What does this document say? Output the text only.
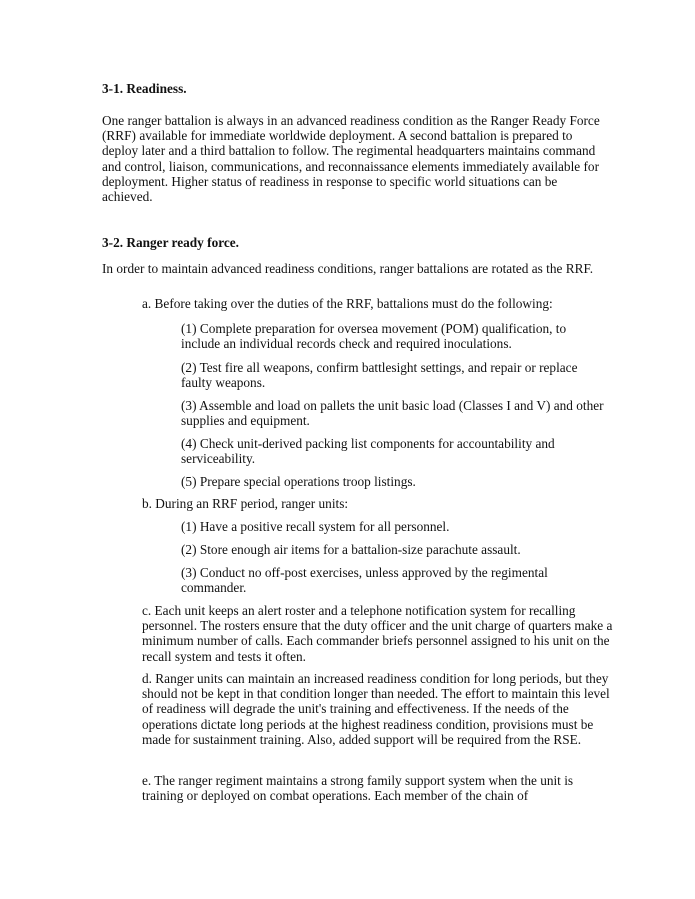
3-1. Readiness.

One ranger battalion is always in an advanced readiness condition as the Ranger Ready Force (RRF) available for immediate worldwide deployment. A second battalion is prepared to deploy later and a third battalion to follow. The regimental headquarters maintains command and control, liaison, communications, and reconnaissance elements immediately available for deployment. Higher status of readiness in response to specific world situations can be achieved.

3-2. Ranger ready force.

In order to maintain advanced readiness conditions, ranger battalions are rotated as the RRF.

a. Before taking over the duties of the RRF, battalions must do the following:

(1) Complete preparation for oversea movement (POM) qualification, to include an individual records check and required inoculations.

(2) Test fire all weapons, confirm battlesight settings, and repair or replace faulty weapons.

(3) Assemble and load on pallets the unit basic load (Classes I and V) and other supplies and equipment.

(4) Check unit-derived packing list components for accountability and serviceability.

(5) Prepare special operations troop listings.

b. During an RRF period, ranger units:

(1) Have a positive recall system for all personnel.

(2) Store enough air items for a battalion-size parachute assault.

(3) Conduct no off-post exercises, unless approved by the regimental commander.

c. Each unit keeps an alert roster and a telephone notification system for recalling personnel. The rosters ensure that the duty officer and the unit charge of quarters make a minimum number of calls. Each commander briefs personnel assigned to his unit on the recall system and tests it often.

d. Ranger units can maintain an increased readiness condition for long periods, but they should not be kept in that condition longer than needed. The effort to maintain this level of readiness will degrade the unit's training and effectiveness. If the needs of the operations dictate long periods at the highest readiness condition, provisions must be made for sustainment training. Also, added support will be required from the RSE.

e. The ranger regiment maintains a strong family support system when the unit is training or deployed on combat operations. Each member of the chain of
